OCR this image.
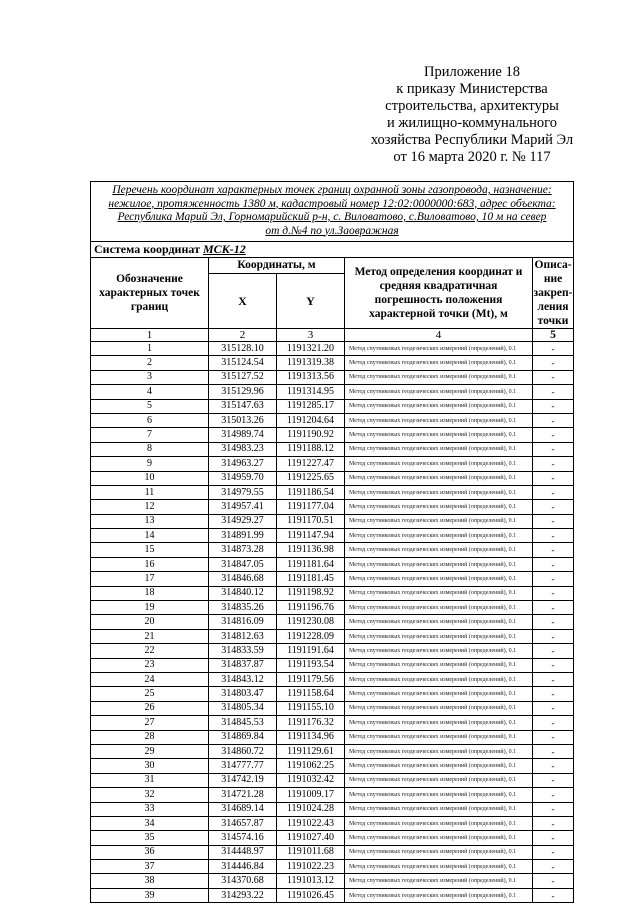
Приложение 18
к приказу Министерства
строительства, архитектуры
и жилищно-коммунального
хозяйства Республики Марий Эл
от 16 марта 2020 г. № 117
Перечень координат характерных точек границ охранной зоны газопровода, назначение:
нежилое, протяженность 1380 м, кадастровый номер 12:02:0000000:683, адрес объекта:
Республика Марий Эл, Горномарийский р-н, с. Виловатово, с.Виловатово, 10 м на север
от д.№4 по ул.Заовражная				

Система координат МСК-12				
Обозначение характерных точек границ	Координаты, м		Метод определения координат и средняя квадратичная погрешность положения характерной точки (Mt), м	Описа-ние закреп-ления точки
	X	Y		
1	2	3	4	5
1	315128.10	1191321.20	Метод спутниковых геодезических измерений (определений), 0.1	-
2	315124.54	1191319.38	Метод спутниковых геодезических измерений (определений), 0.1	-
3	315127.52	1191313.56	Метод спутниковых геодезических измерений (определений), 0.1	-
4	315129.96	1191314.95	Метод спутниковых геодезических измерений (определений), 0.1	-
5	315147.63	1191285.17	Метод спутниковых геодезических измерений (определений), 0.1	-
6	315013.26	1191204.64	Метод спутниковых геодезических измерений (определений), 0.1	-
7	314989.74	1191190.92	Метод спутниковых геодезических измерений (определений), 0.1	-
8	314983.23	1191188.12	Метод спутниковых геодезических измерений (определений), 0.1	-
9	314963.27	1191227.47	Метод спутниковых геодезических измерений (определений), 0.1	-
10	314959.70	1191225.65	Метод спутниковых геодезических измерений (определений), 0.1	-
11	314979.55	1191186.54	Метод спутниковых геодезических измерений (определений), 0.1	-
12	314957.41	1191177.04	Метод спутниковых геодезических измерений (определений), 0.1	-
13	314929.27	1191170.51	Метод спутниковых геодезических измерений (определений), 0.1	-
14	314891.99	1191147.94	Метод спутниковых геодезических измерений (определений), 0.1	-
15	314873.28	1191136.98	Метод спутниковых геодезических измерений (определений), 0.1	-
16	314847.05	1191181.64	Метод спутниковых геодезических измерений (определений), 0.1	-
17	314846.68	1191181.45	Метод спутниковых геодезических измерений (определений), 0.1	-
18	314840.12	1191198.92	Метод спутниковых геодезических измерений (определений), 0.1	-
19	314835.26	1191196.76	Метод спутниковых геодезических измерений (определений), 0.1	-
20	314816.09	1191230.08	Метод спутниковых геодезических измерений (определений), 0.1	-
21	314812.63	1191228.09	Метод спутниковых геодезических измерений (определений), 0.1	-
22	314833.59	1191191.64	Метод спутниковых геодезических измерений (определений), 0.1	-
23	314837.87	1191193.54	Метод спутниковых геодезических измерений (определений), 0.1	-
24	314843.12	1191179.56	Метод спутниковых геодезических измерений (определений), 0.1	-
25	314803.47	1191158.64	Метод спутниковых геодезических измерений (определений), 0.1	-
26	314805.34	1191155.10	Метод спутниковых геодезических измерений (определений), 0.1	-
27	314845.53	1191176.32	Метод спутниковых геодезических измерений (определений), 0.1	-
28	314869.84	1191134.96	Метод спутниковых геодезических измерений (определений), 0.1	-
29	314860.72	1191129.61	Метод спутниковых геодезических измерений (определений), 0.1	-
30	314777.77	1191062.25	Метод спутниковых геодезических измерений (определений), 0.1	-
31	314742.19	1191032.42	Метод спутниковых геодезических измерений (определений), 0.1	-
32	314721.28	1191009.17	Метод спутниковых геодезических измерений (определений), 0.1	-
33	314689.14	1191024.28	Метод спутниковых геодезических измерений (определений), 0.1	-
34	314657.87	1191022.43	Метод спутниковых геодезических измерений (определений), 0.1	-
35	314574.16	1191027.40	Метод спутниковых геодезических измерений (определений), 0.1	-
36	314448.97	1191011.68	Метод спутниковых геодезических измерений (определений), 0.1	-
37	314446.84	1191022.23	Метод спутниковых геодезических измерений (определений), 0.1	-
38	314370.68	1191013.12	Метод спутниковых геодезических измерений (определений), 0.1	-
39	314293.22	1191026.45	Метод спутниковых геодезических измерений (определений), 0.1	-
